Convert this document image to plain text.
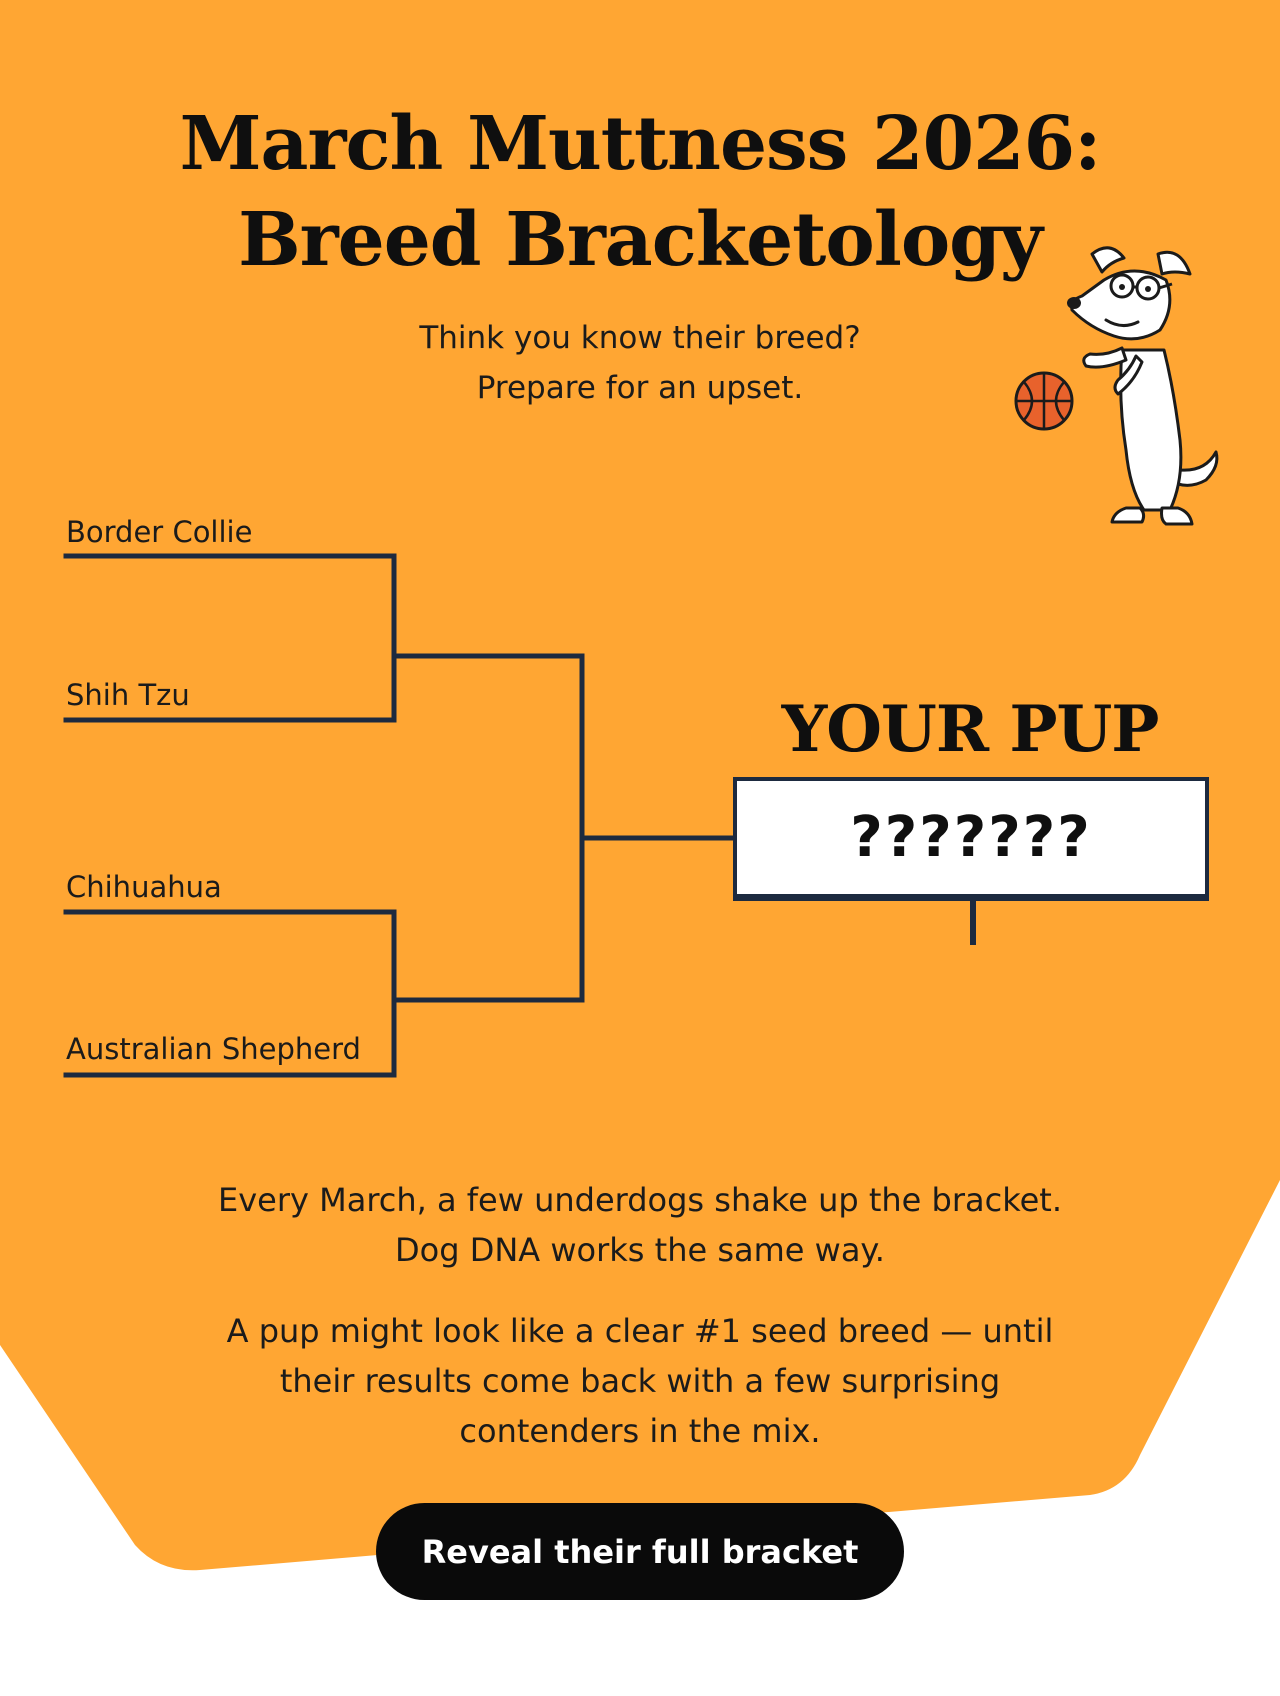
March Muttness 2026:
Breed Bracketology
Think you know their breed?
Prepare for an upset.
Border Collie
Shih Tzu
Chihuahua
Australian Shepherd
YOUR PUP
???????
Every March, a few underdogs shake up the bracket.
Dog DNA works the same way.
A pup might look like a clear #1 seed breed — until
their results come back with a few surprising
contenders in the mix.
Reveal their full bracket
